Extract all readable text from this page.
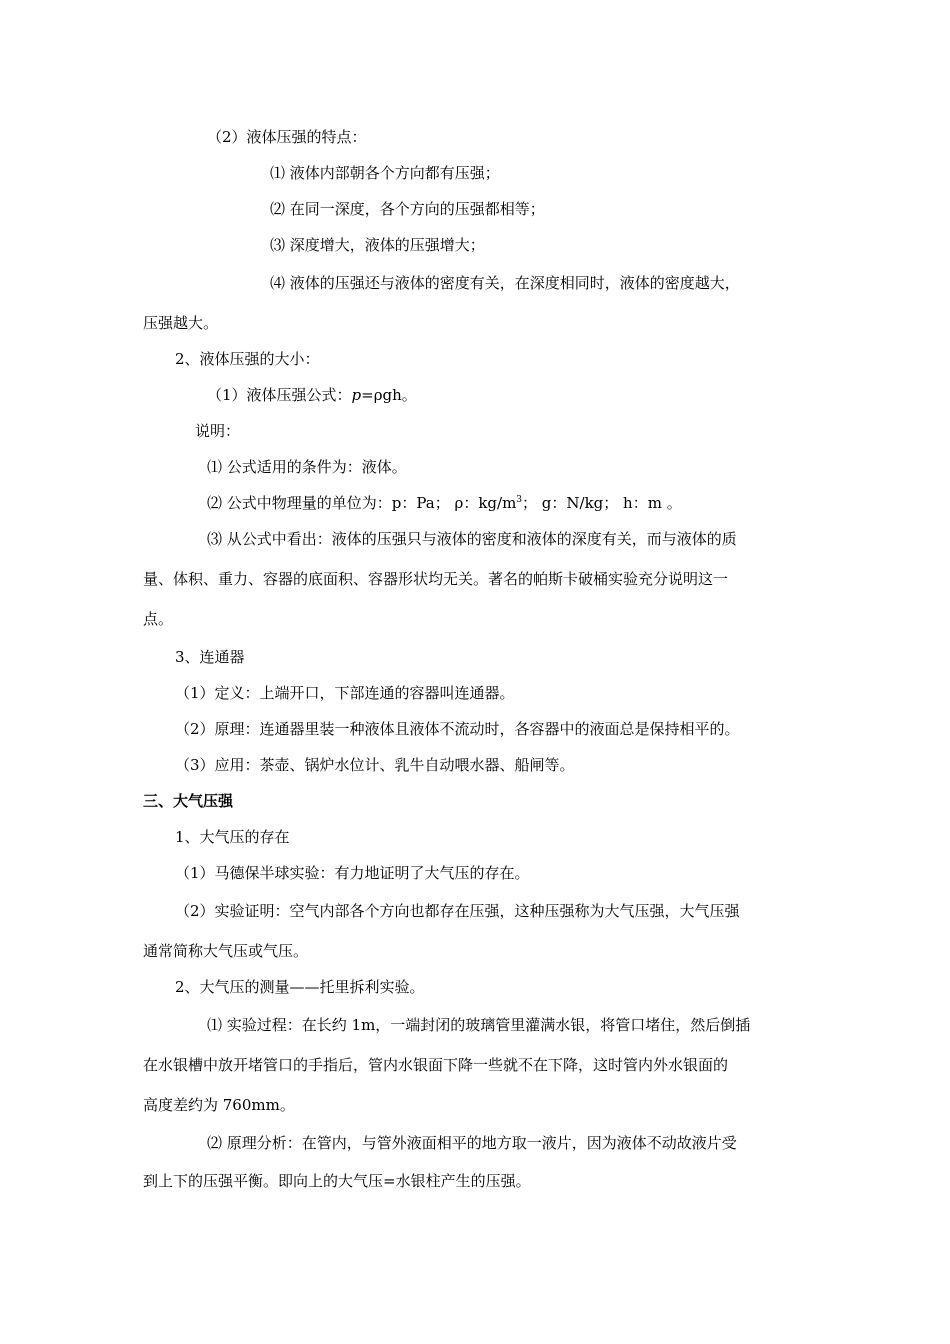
（2）液体压强的特点：
⑴ 液体内部朝各个方向都有压强；
⑵ 在同一深度，各个方向的压强都相等；
⑶ 深度增大，液体的压强增大；
⑷ 液体的压强还与液体的密度有关，在深度相同时，液体的密度越大，
压强越大。
2、液体压强的大小：
（1）液体压强公式：p=ρgh。
说明：
⑴ 公式适用的条件为：液体。
⑵ 公式中物理量的单位为：p：Pa； ρ：$kg/m^3$； g：N/kg； h：m 。
⑶ 从公式中看出：液体的压强只与液体的密度和液体的深度有关，而与液体的质
量、体积、重力、容器的底面积、容器形状均无关。著名的帕斯卡破桶实验充分说明这一
点。
3、连通器
（1）定义：上端开口，下部连通的容器叫连通器。
（2）原理：连通器里装一种液体且液体不流动时，各容器中的液面总是保持相平的。
（3）应用：茶壶、锅炉水位计、乳牛自动喂水器、船闸等。
三、大气压强
1、大气压的存在
（1）马德保半球实验：有力地证明了大气压的存在。
（2）实验证明：空气内部各个方向也都存在压强，这种压强称为大气压强，大气压强
通常简称大气压或气压。
2、大气压的测量——托里拆利实验。
⑴ 实验过程：在长约 1m，一端封闭的玻璃管里灌满水银，将管口堵住，然后倒插
在水银槽中放开堵管口的手指后，管内水银面下降一些就不在下降，这时管内外水银面的
高度差约为 760mm。
⑵ 原理分析：在管内，与管外液面相平的地方取一液片，因为液体不动故液片受
到上下的压强平衡。即向上的大气压=水银柱产生的压强。
